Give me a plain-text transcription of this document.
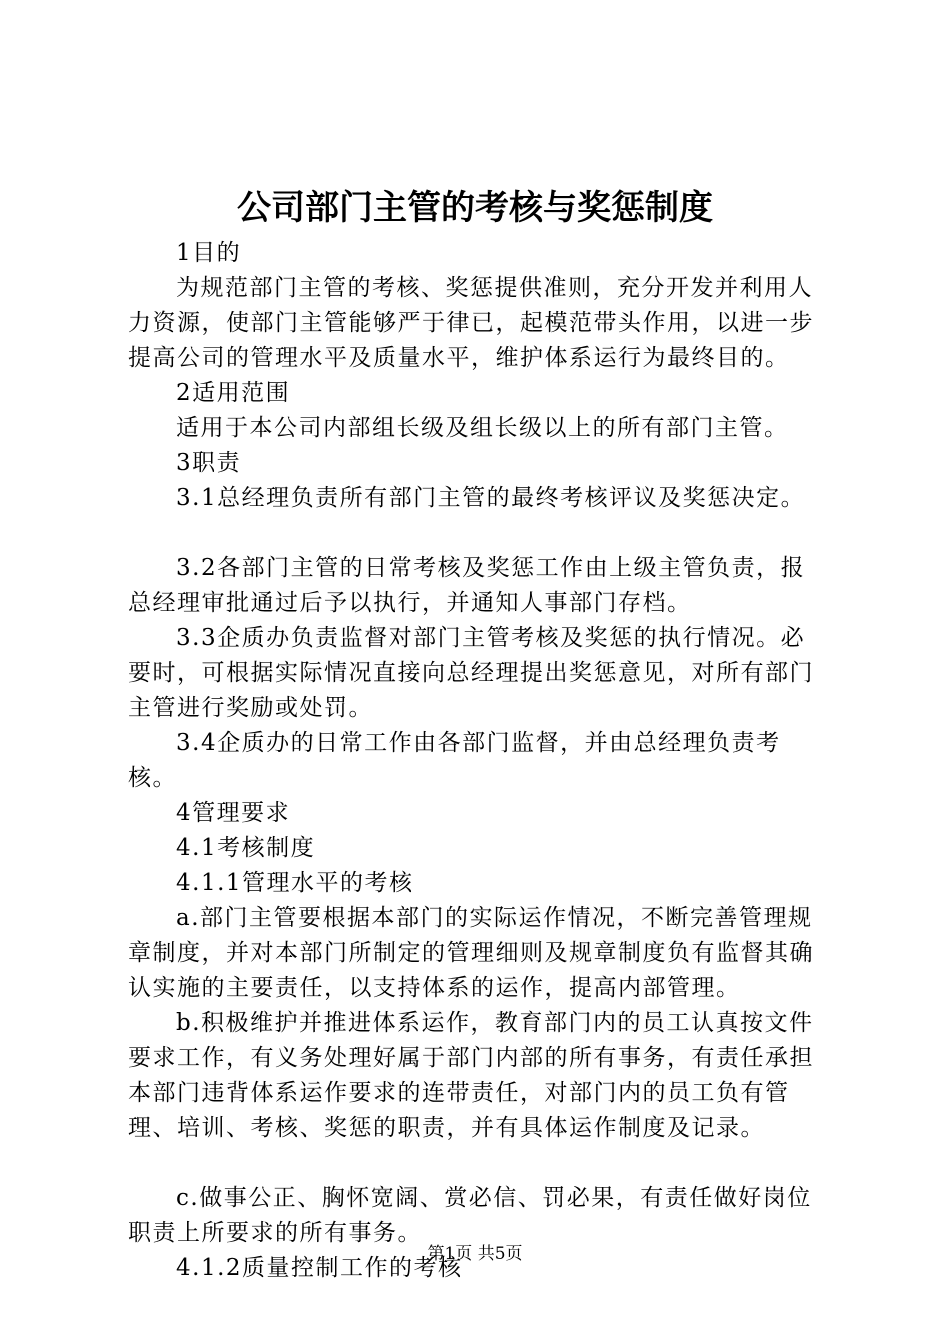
公司部门主管的考核与奖惩制度

1目的

为规范部门主管的考核、奖惩提供准则，充分开发并利用人力资源，使部门主管能够严于律已，起模范带头作用，以进一步提高公司的管理水平及质量水平，维护体系运行为最终目的。

2适用范围

适用于本公司内部组长级及组长级以上的所有部门主管。

3职责

3.1总经理负责所有部门主管的最终考核评议及奖惩决定。

3.2各部门主管的日常考核及奖惩工作由上级主管负责，报总经理审批通过后予以执行，并通知人事部门存档。

3.3企质办负责监督对部门主管考核及奖惩的执行情况。必要时，可根据实际情况直接向总经理提出奖惩意见，对所有部门主管进行奖励或处罚。

3.4企质办的日常工作由各部门监督，并由总经理负责考核。

4管理要求

4.1考核制度

4.1.1管理水平的考核

a.部门主管要根据本部门的实际运作情况，不断完善管理规章制度，并对本部门所制定的管理细则及规章制度负有监督其确认实施的主要责任，以支持体系的运作，提高内部管理。

b.积极维护并推进体系运作，教育部门内的员工认真按文件要求工作，有义务处理好属于部门内部的所有事务，有责任承担本部门违背体系运作要求的连带责任，对部门内的员工负有管理、培训、考核、奖惩的职责，并有具体运作制度及记录。

c.做事公正、胸怀宽阔、赏必信、罚必果，有责任做好岗位职责上所要求的所有事务。

4.1.2质量控制工作的考核

第1页 共5页
